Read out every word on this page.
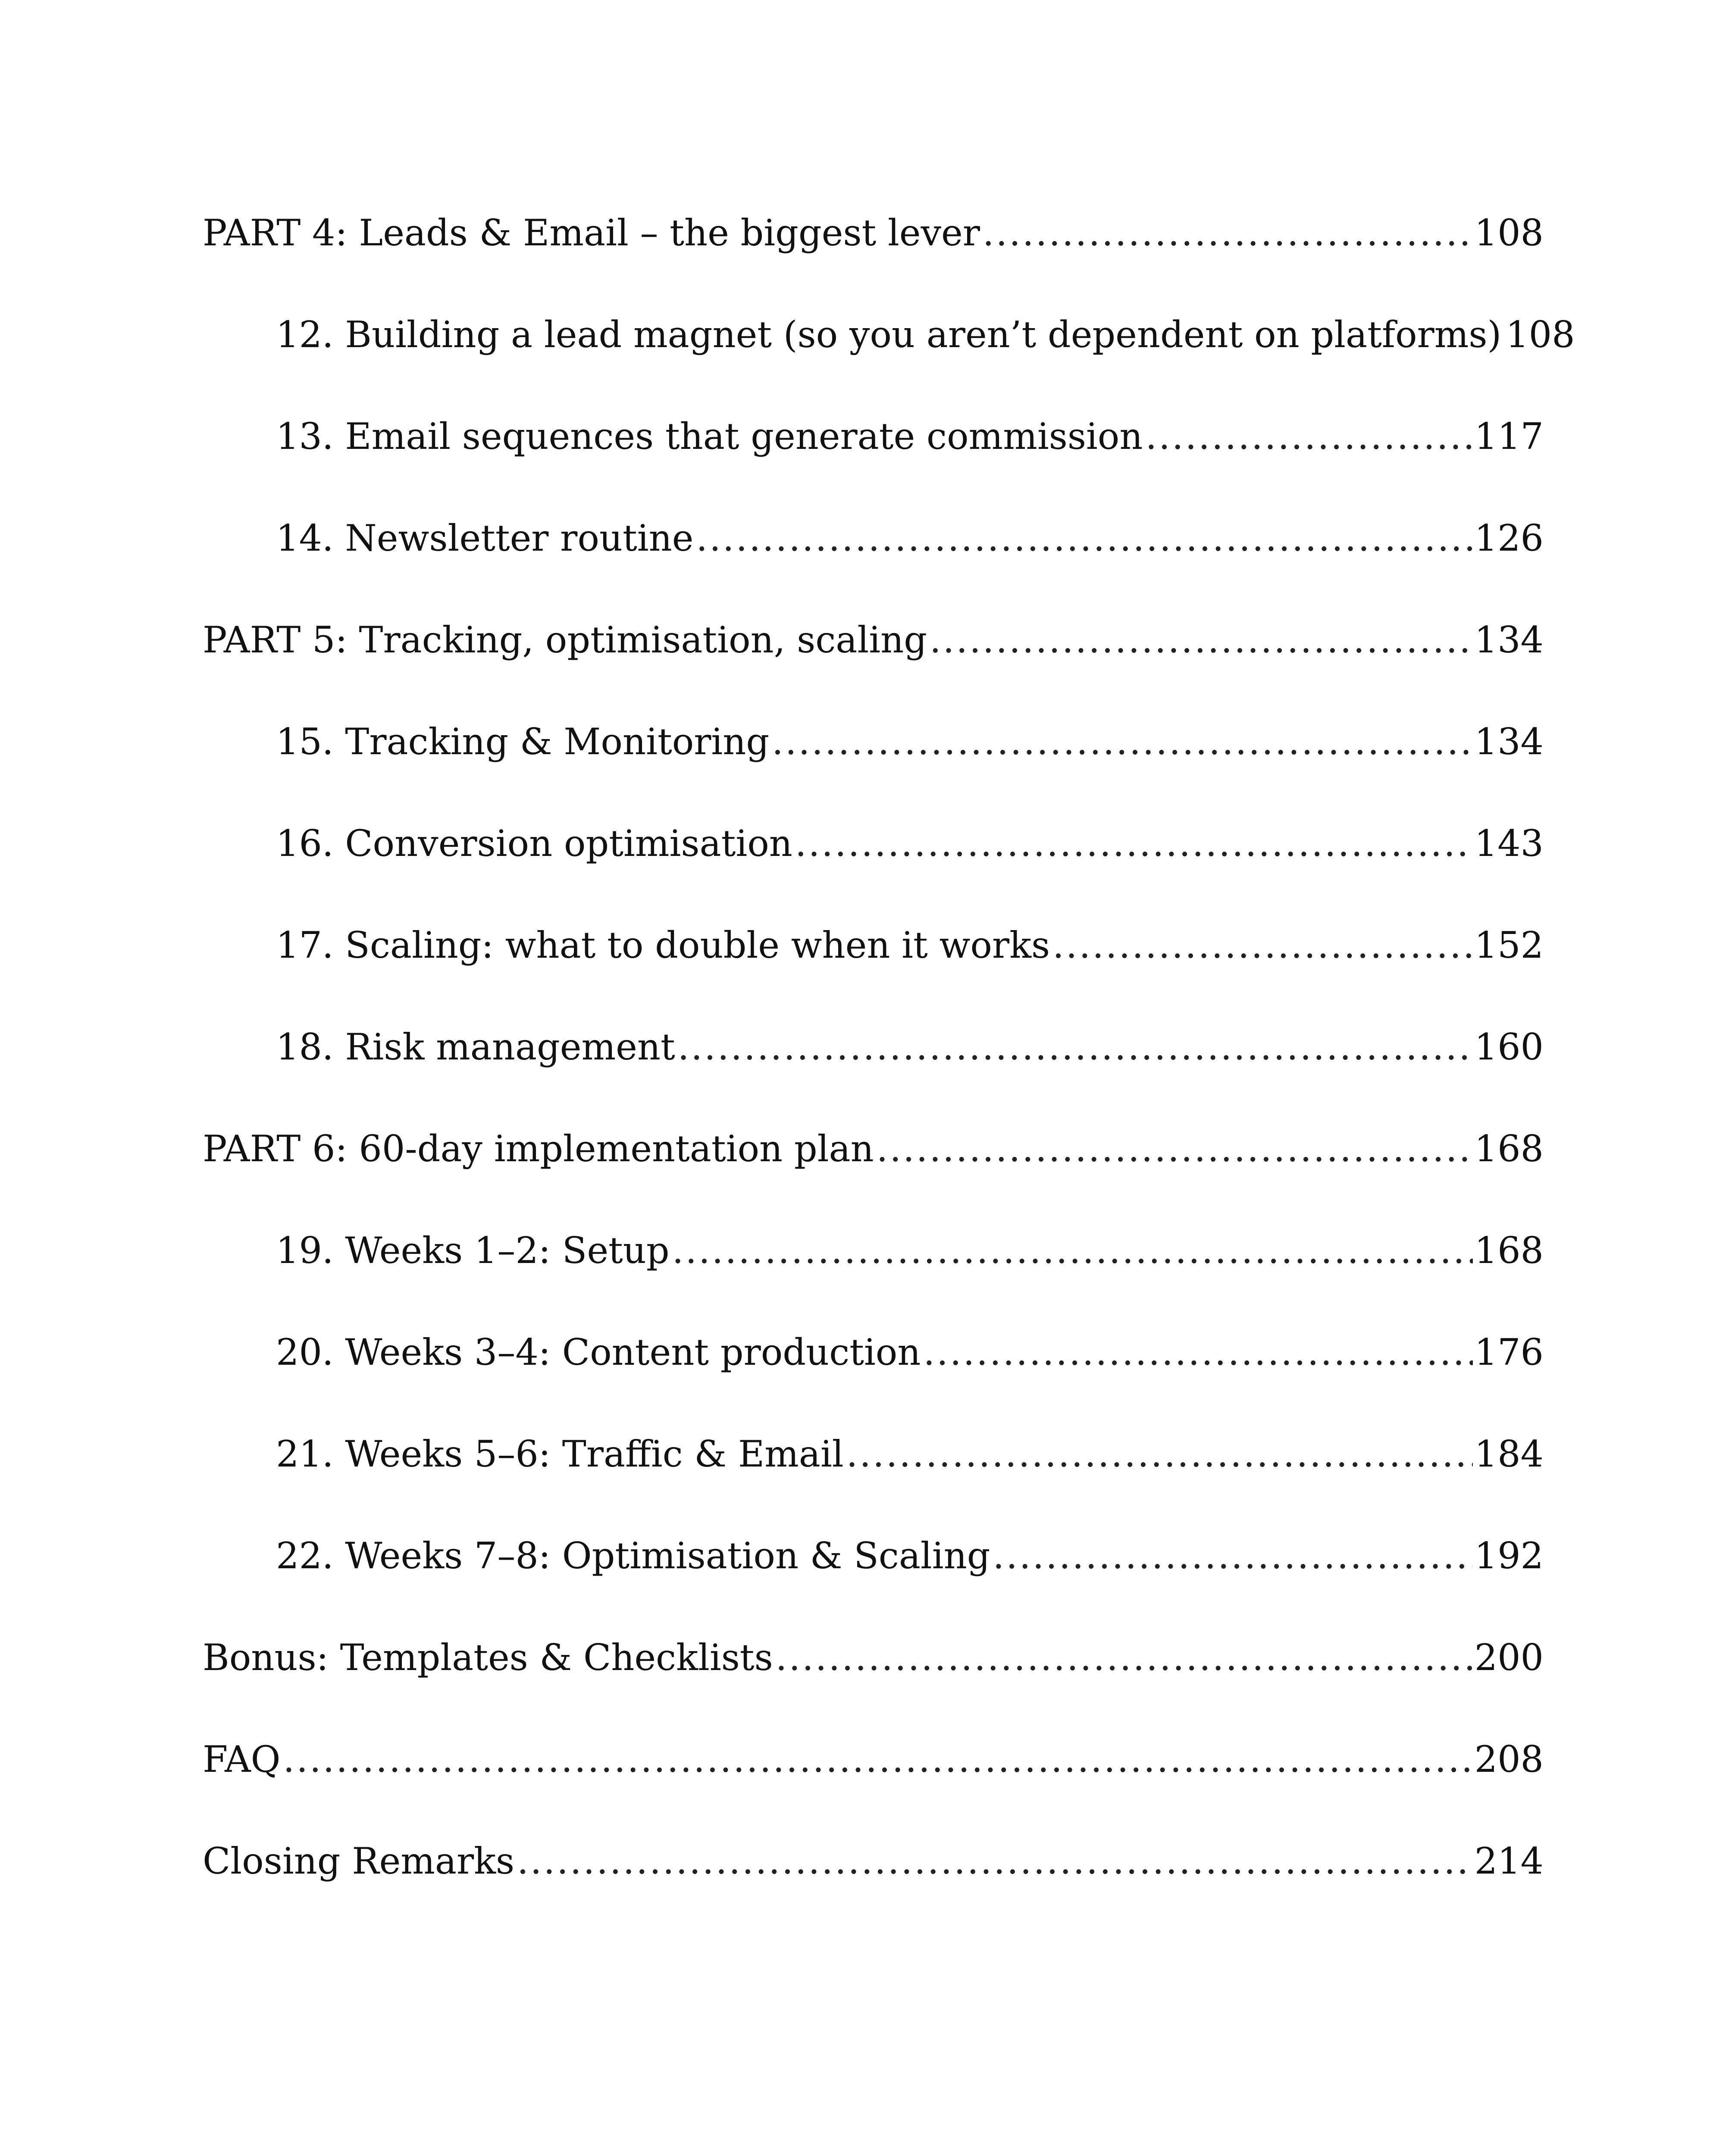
PART 4: Leads & Email – the biggest lever .....	108
12. Building a lead magnet (so you aren’t dependent on platforms) 108
13. Email sequences that generate commission .....	117
14. Newsletter routine .....	126
PART 5: Tracking, optimisation, scaling .....	134
15. Tracking & Monitoring .....	134
16. Conversion optimisation .....	143
17. Scaling: what to double when it works .....	152
18. Risk management .....	160
PART 6: 60-day implementation plan .....	168
19. Weeks 1–2: Setup .....	168
20. Weeks 3–4: Content production .....	176
21. Weeks 5–6: Traffic & Email .....	184
22. Weeks 7–8: Optimisation & Scaling .....	192
Bonus: Templates & Checklists .....	200
FAQ .....	208
Closing Remarks .....	214
